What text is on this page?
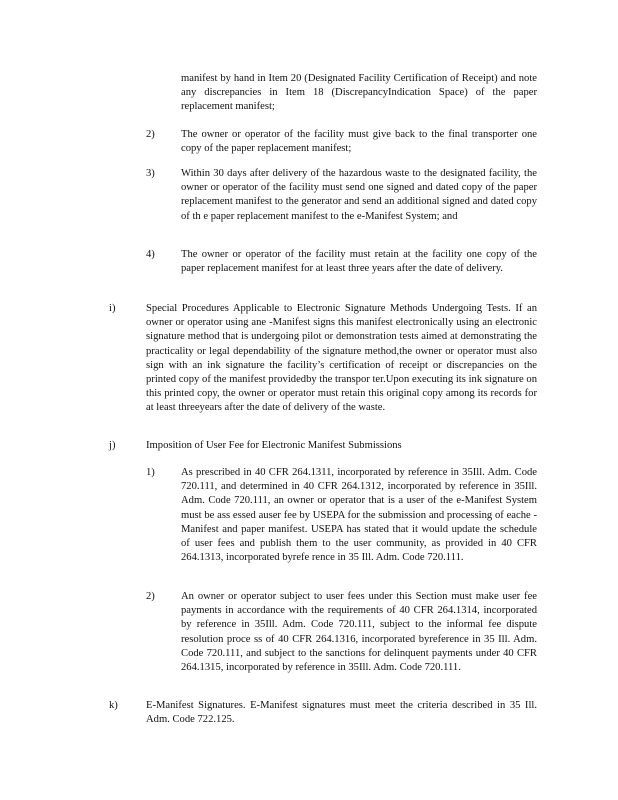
manifest by hand in Item 20 (Designated Facility Certification of Receipt) and note any discrepancies in Item 18 (DiscrepancyIndication Space) of the paper replacement manifest;
2) The owner or operator of the facility must give back to the final transporter one copy of the paper replacement manifest;
3) Within 30 days after delivery of the hazardous waste to the designated facility, the owner or operator of the facility must send one signed and dated copy of the paper replacement manifest to the generator and send an additional signed and dated copy of th e paper replacement manifest to the e-Manifest System; and
4) The owner or operator of the facility must retain at the facility one copy of the paper replacement manifest for at least three years after the date of delivery.
i)	Special Procedures Applicable to Electronic Signature Methods Undergoing Tests. If an owner or operator using ane -Manifest signs this manifest electronically using an electronic signature method that is undergoing pilot or demonstration tests aimed at demonstrating the practicality or legal dependability of the signature method,the owner or operator must also sign with an ink signature the facility’s certification of receipt or discrepancies on the printed copy of the manifest providedby the transpor ter.Upon executing its ink signature on this printed copy, the owner or operator must retain this original copy among its records for at least threeyears after the date of delivery of the waste.
j)	Imposition of User Fee for Electronic Manifest Submissions
1) As prescribed in 40 CFR 264.1311, incorporated by reference in 35Ill. Adm. Code 720.111, and determined in 40 CFR 264.1312, incorporated by reference in 35Ill. Adm. Code 720.111, an owner or operator that is a user of the e-Manifest System must be ass essed auser fee by USEPA for the submission and processing of eache - Manifest and paper manifest. USEPA has stated that it would update the schedule of user fees and publish them to the user community, as provided in 40 CFR 264.1313, incorporated byrefe rence in 35 Ill. Adm. Code 720.111.
2) An owner or operator subject to user fees under this Section must make user fee payments in accordance with the requirements of 40 CFR 264.1314, incorporated by reference in 35Ill. Adm. Code 720.111, subject to the informal fee dispute resolution proce ss of 40 CFR 264.1316, incorporated byreference in 35 Ill. Adm. Code 720.111, and subject to the sanctions for delinquent payments under 40 CFR 264.1315, incorporated by reference in 35Ill. Adm. Code 720.111.
k)	E-Manifest Signatures. E-Manifest signatures must meet the criteria described in 35 Ill. Adm. Code 722.125.
